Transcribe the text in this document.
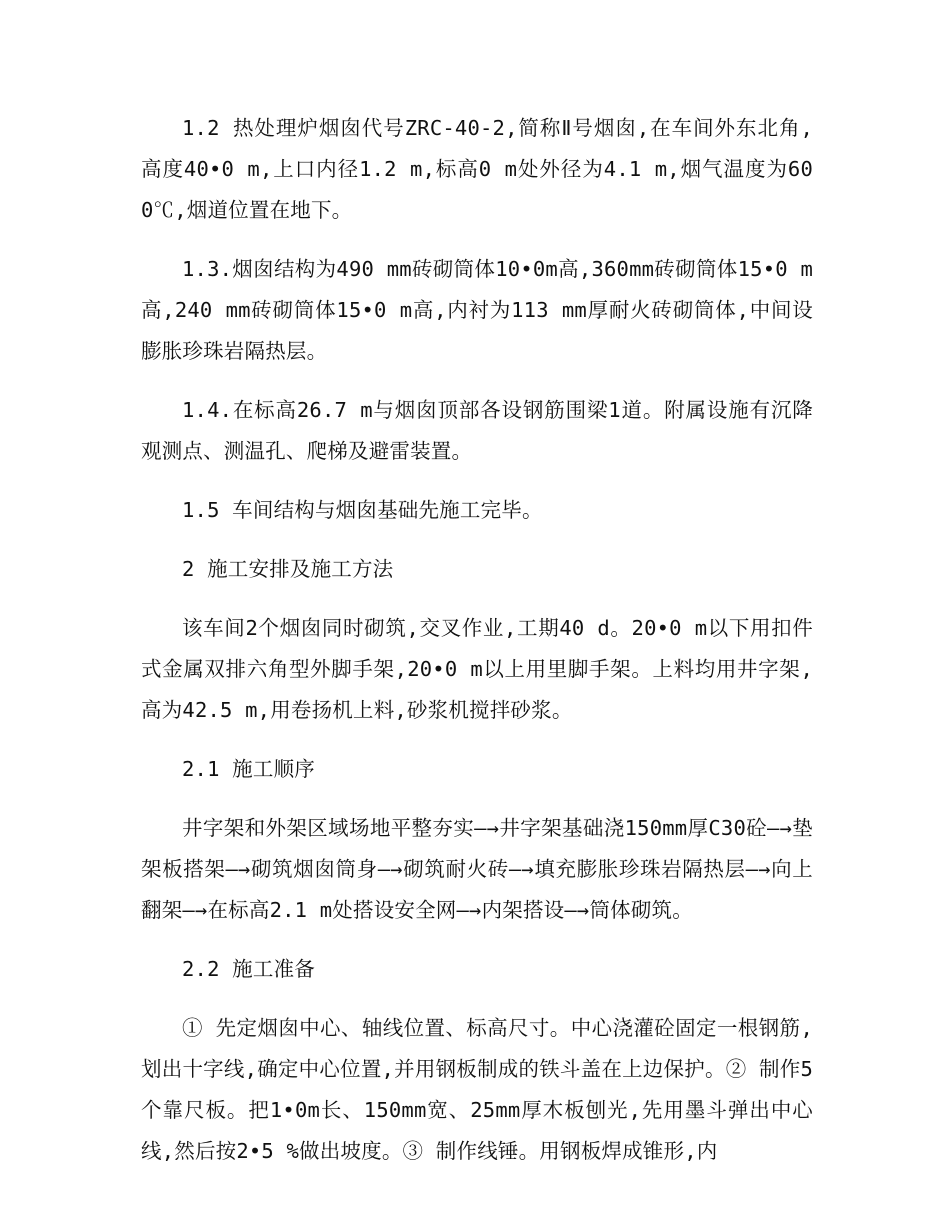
1.2 热处理炉烟囱代号ZRC-40-2,简称Ⅱ号烟囱,在车间外东北角,高度40•0 m,上口内径1.2 m,标高0 m处外径为4.1 m,烟气温度为600℃,烟道位置在地下。

1.3.烟囱结构为490 mm砖砌筒体10•0m高,360mm砖砌筒体15•0 m高,240 mm砖砌筒体15•0 m高,内衬为113 mm厚耐火砖砌筒体,中间设膨胀珍珠岩隔热层。

1.4.在标高26.7 m与烟囱顶部各设钢筋围梁1道。附属设施有沉降观测点、测温孔、爬梯及避雷装置。

1.5 车间结构与烟囱基础先施工完毕。

2 施工安排及施工方法

该车间2个烟囱同时砌筑,交叉作业,工期40 d。20•0 m以下用扣件式金属双排六角型外脚手架,20•0 m以上用里脚手架。上料均用井字架,高为42.5 m,用卷扬机上料,砂浆机搅拌砂浆。

2.1 施工顺序

井字架和外架区域场地平整夯实—→井字架基础浇150mm厚C30砼—→垫架板搭架—→砌筑烟囱筒身—→砌筑耐火砖—→填充膨胀珍珠岩隔热层—→向上翻架—→在标高2.1 m处搭设安全网—→内架搭设—→筒体砌筑。

2.2 施工准备

① 先定烟囱中心、轴线位置、标高尺寸。中心浇灌砼固定一根钢筋,划出十字线,确定中心位置,并用钢板制成的铁斗盖在上边保护。② 制作5个靠尺板。把1•0m长、150mm宽、25mm厚木板刨光,先用墨斗弹出中心线,然后按2•5 %做出坡度。③ 制作线锤。用钢板焊成锥形,内
